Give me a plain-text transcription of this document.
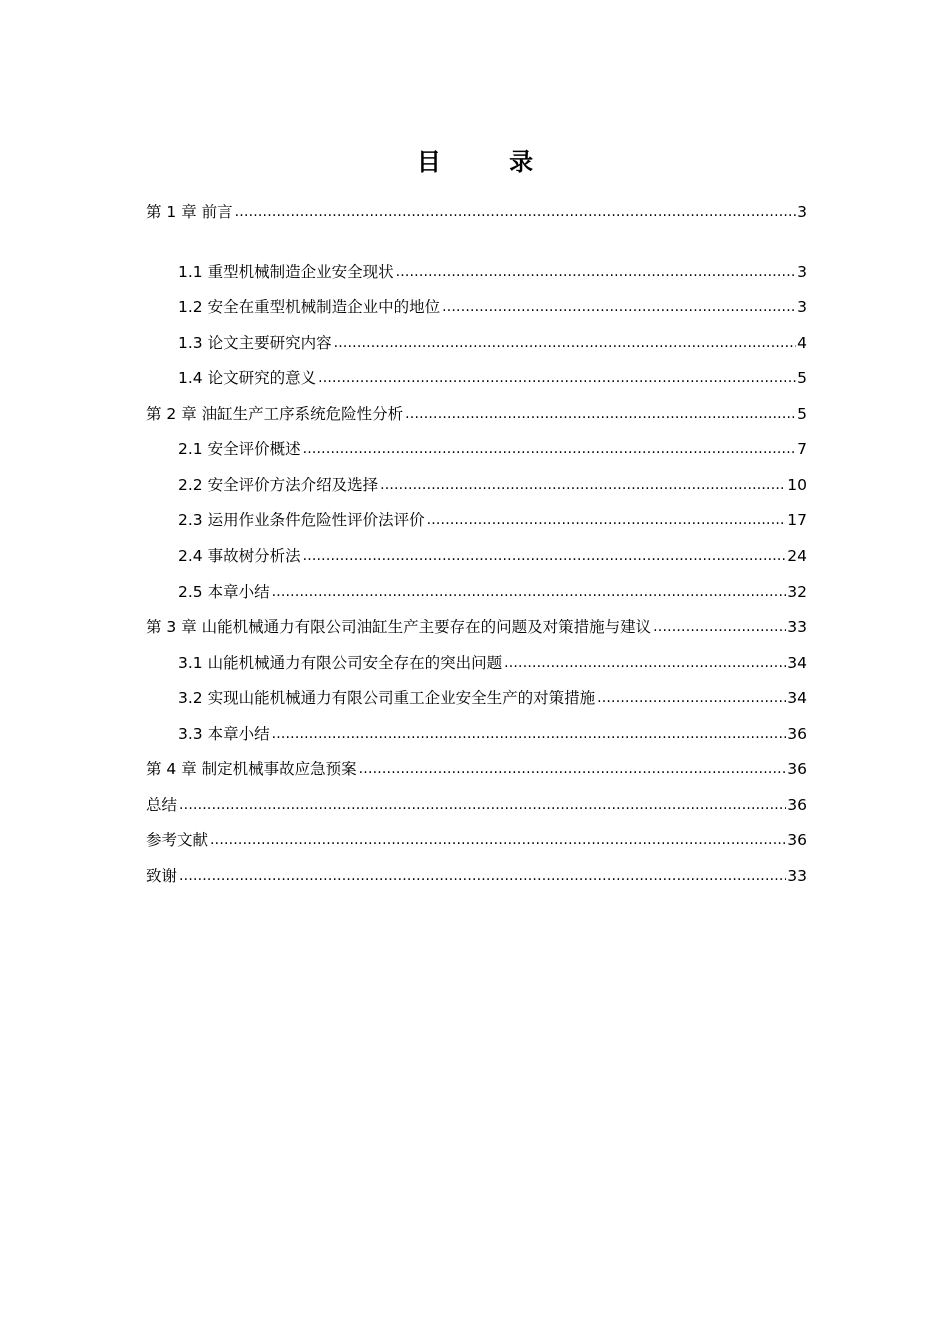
目 录
第 1 章 前言 .....	3
1.1 重型机械制造企业安全现状 .....	3
1.2 安全在重型机械制造企业中的地位 .....	3
1.3 论文主要研究内容 .....	4
1.4 论文研究的意义 .....	5
第 2 章 油缸生产工序系统危险性分析 .....	5
2.1 安全评价概述 .....	7
2.2 安全评价方法介绍及选择 .....	10
2.3 运用作业条件危险性评价法评价 .....	17
2.4 事故树分析法 .....	24
2.5 本章小结 .....	32
第 3 章 山能机械通力有限公司油缸生产主要存在的问题及对策措施与建议 .....	33
3.1 山能机械通力有限公司安全存在的突出问题 .....	34
3.2 实现山能机械通力有限公司重工企业安全生产的对策措施 .....	34
3.3 本章小结 .....	36
第 4 章 制定机械事故应急预案 .....	36
总结 .....	36
参考文献 .....	36
致谢 .....	33
